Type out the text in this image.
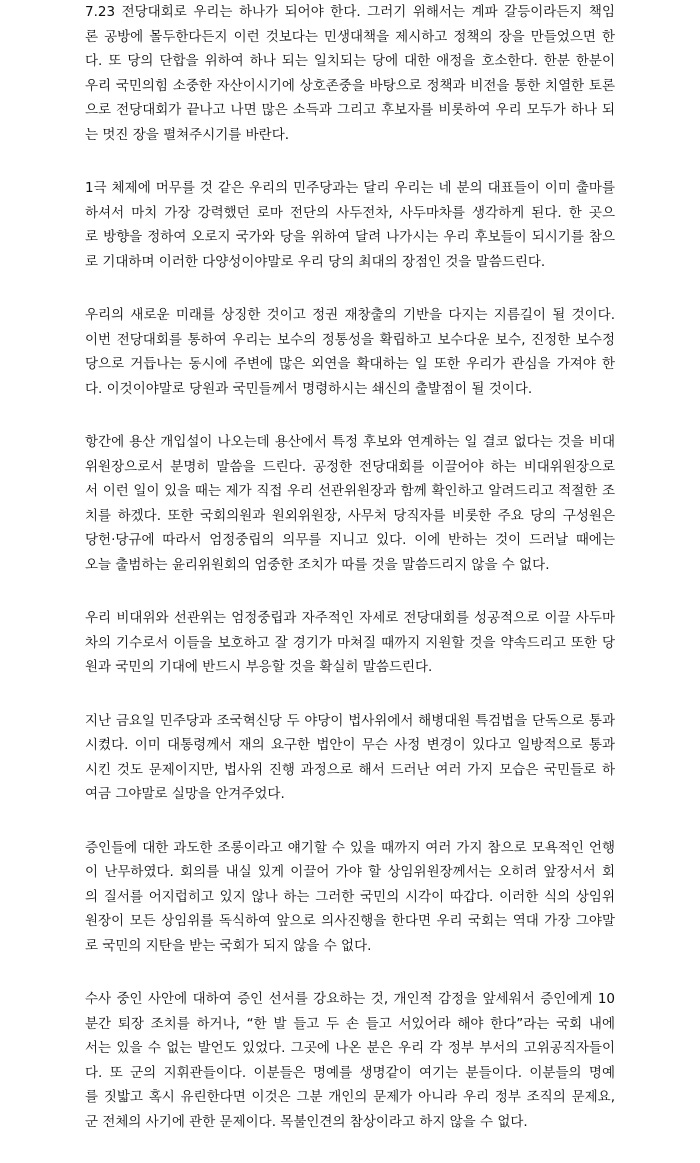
7.23 전당대회로 우리는 하나가 되어야 한다. 그러기 위해서는 계파 갈등이라든지 책임
론 공방에 몰두한다든지 이런 것보다는 민생대책을 제시하고 정책의 장을 만들었으면 한
다. 또 당의 단합을 위하여 하나 되는 일치되는 당에 대한 애정을 호소한다. 한분 한분이
우리 국민의힘 소중한 자산이시기에 상호존중을 바탕으로 정책과 비전을 통한 치열한 토론
으로 전당대회가 끝나고 나면 많은 소득과 그리고 후보자를 비롯하여 우리 모두가 하나 되
는 멋진 장을 펼쳐주시기를 바란다.
1극 체제에 머무를 것 같은 우리의 민주당과는 달리 우리는 네 분의 대표들이 이미 출마를
하셔서 마치 가장 강력했던 로마 전단의 사두전차, 사두마차를 생각하게 된다. 한 곳으
로 방향을 정하여 오로지 국가와 당을 위하여 달려 나가시는 우리 후보들이 되시기를 참으
로 기대하며 이러한 다양성이야말로 우리 당의 최대의 장점인 것을 말씀드린다.
우리의 새로운 미래를 상징한 것이고 정권 재창출의 기반을 다지는 지름길이 될 것이다.
이번 전당대회를 통하여 우리는 보수의 정통성을 확립하고 보수다운 보수, 진정한 보수정
당으로 거듭나는 동시에 주변에 많은 외연을 확대하는 일 또한 우리가 관심을 가져야 한
다. 이것이야말로 당원과 국민들께서 명령하시는 쇄신의 출발점이 될 것이다.
항간에 용산 개입설이 나오는데 용산에서 특정 후보와 연계하는 일 결코 없다는 것을 비대
위원장으로서 분명히 말씀을 드린다. 공정한 전당대회를 이끌어야 하는 비대위원장으로
서 이런 일이 있을 때는 제가 직접 우리 선관위원장과 함께 확인하고 알려드리고 적절한 조
치를 하겠다. 또한 국회의원과 원외위원장, 사무처 당직자를 비롯한 주요 당의 구성원은
당헌·당규에 따라서 엄정중립의 의무를 지니고 있다. 이에 반하는 것이 드러날 때에는
오늘 출범하는 윤리위원회의 엄중한 조치가 따를 것을 말씀드리지 않을 수 없다.
우리 비대위와 선관위는 엄정중립과 자주적인 자세로 전당대회를 성공적으로 이끌 사두마
차의 기수로서 이들을 보호하고 잘 경기가 마쳐질 때까지 지원할 것을 약속드리고 또한 당
원과 국민의 기대에 반드시 부응할 것을 확실히 말씀드린다.
지난 금요일 민주당과 조국혁신당 두 야당이 법사위에서 해병대원 특검법을 단독으로 통과
시켰다. 이미 대통령께서 재의 요구한 법안이 무슨 사정 변경이 있다고 일방적으로 통과
시킨 것도 문제이지만, 법사위 진행 과정으로 해서 드러난 여러 가지 모습은 국민들로 하
여금 그야말로 실망을 안겨주었다.
증인들에 대한 과도한 조롱이라고 얘기할 수 있을 때까지 여러 가지 참으로 모욕적인 언행
이 난무하였다. 회의를 내실 있게 이끌어 가야 할 상임위원장께서는 오히려 앞장서서 회
의 질서를 어지럽히고 있지 않나 하는 그러한 국민의 시각이 따갑다. 이러한 식의 상임위
원장이 모든 상임위를 독식하여 앞으로 의사진행을 한다면 우리 국회는 역대 가장 그야말
로 국민의 지탄을 받는 국회가 되지 않을 수 없다.
수사 중인 사안에 대하여 증인 선서를 강요하는 것, 개인적 감정을 앞세워서 증인에게 10
분간 퇴장 조치를 하거나, “한 발 들고 두 손 들고 서있어라 해야 한다”라는 국회 내에
서는 있을 수 없는 발언도 있었다. 그곳에 나온 분은 우리 각 정부 부서의 고위공직자들이
다. 또 군의 지휘관들이다. 이분들은 명예를 생명같이 여기는 분들이다. 이분들의 명예
를 짓밟고 혹시 유린한다면 이것은 그분 개인의 문제가 아니라 우리 정부 조직의 문제요,
군 전체의 사기에 관한 문제이다. 목불인견의 참상이라고 하지 않을 수 없다.
